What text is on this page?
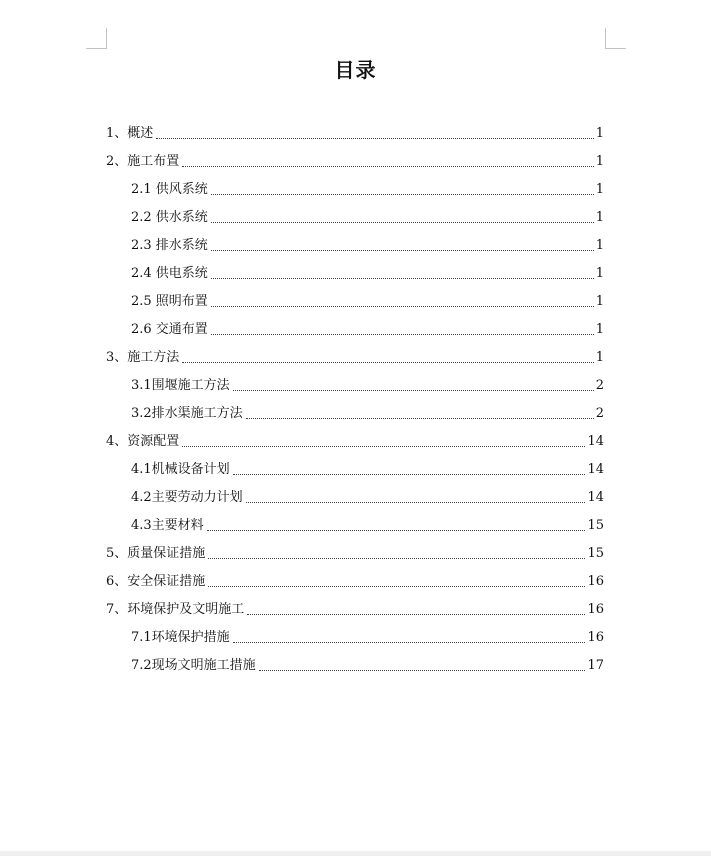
目录
1、概述	1
2、施工布置	1
2.1 供风系统	1
2.2 供水系统	1
2.3 排水系统	1
2.4 供电系统	1
2.5 照明布置	1
2.6 交通布置	1
3、施工方法	1
3.1围堰施工方法	2
3.2排水渠施工方法	2
4、资源配置	14
4.1机械设备计划	14
4.2主要劳动力计划	14
4.3主要材料	15
5、质量保证措施	15
6、安全保证措施	16
7、环境保护及文明施工	16
7.1环境保护措施	16
7.2现场文明施工措施	17
